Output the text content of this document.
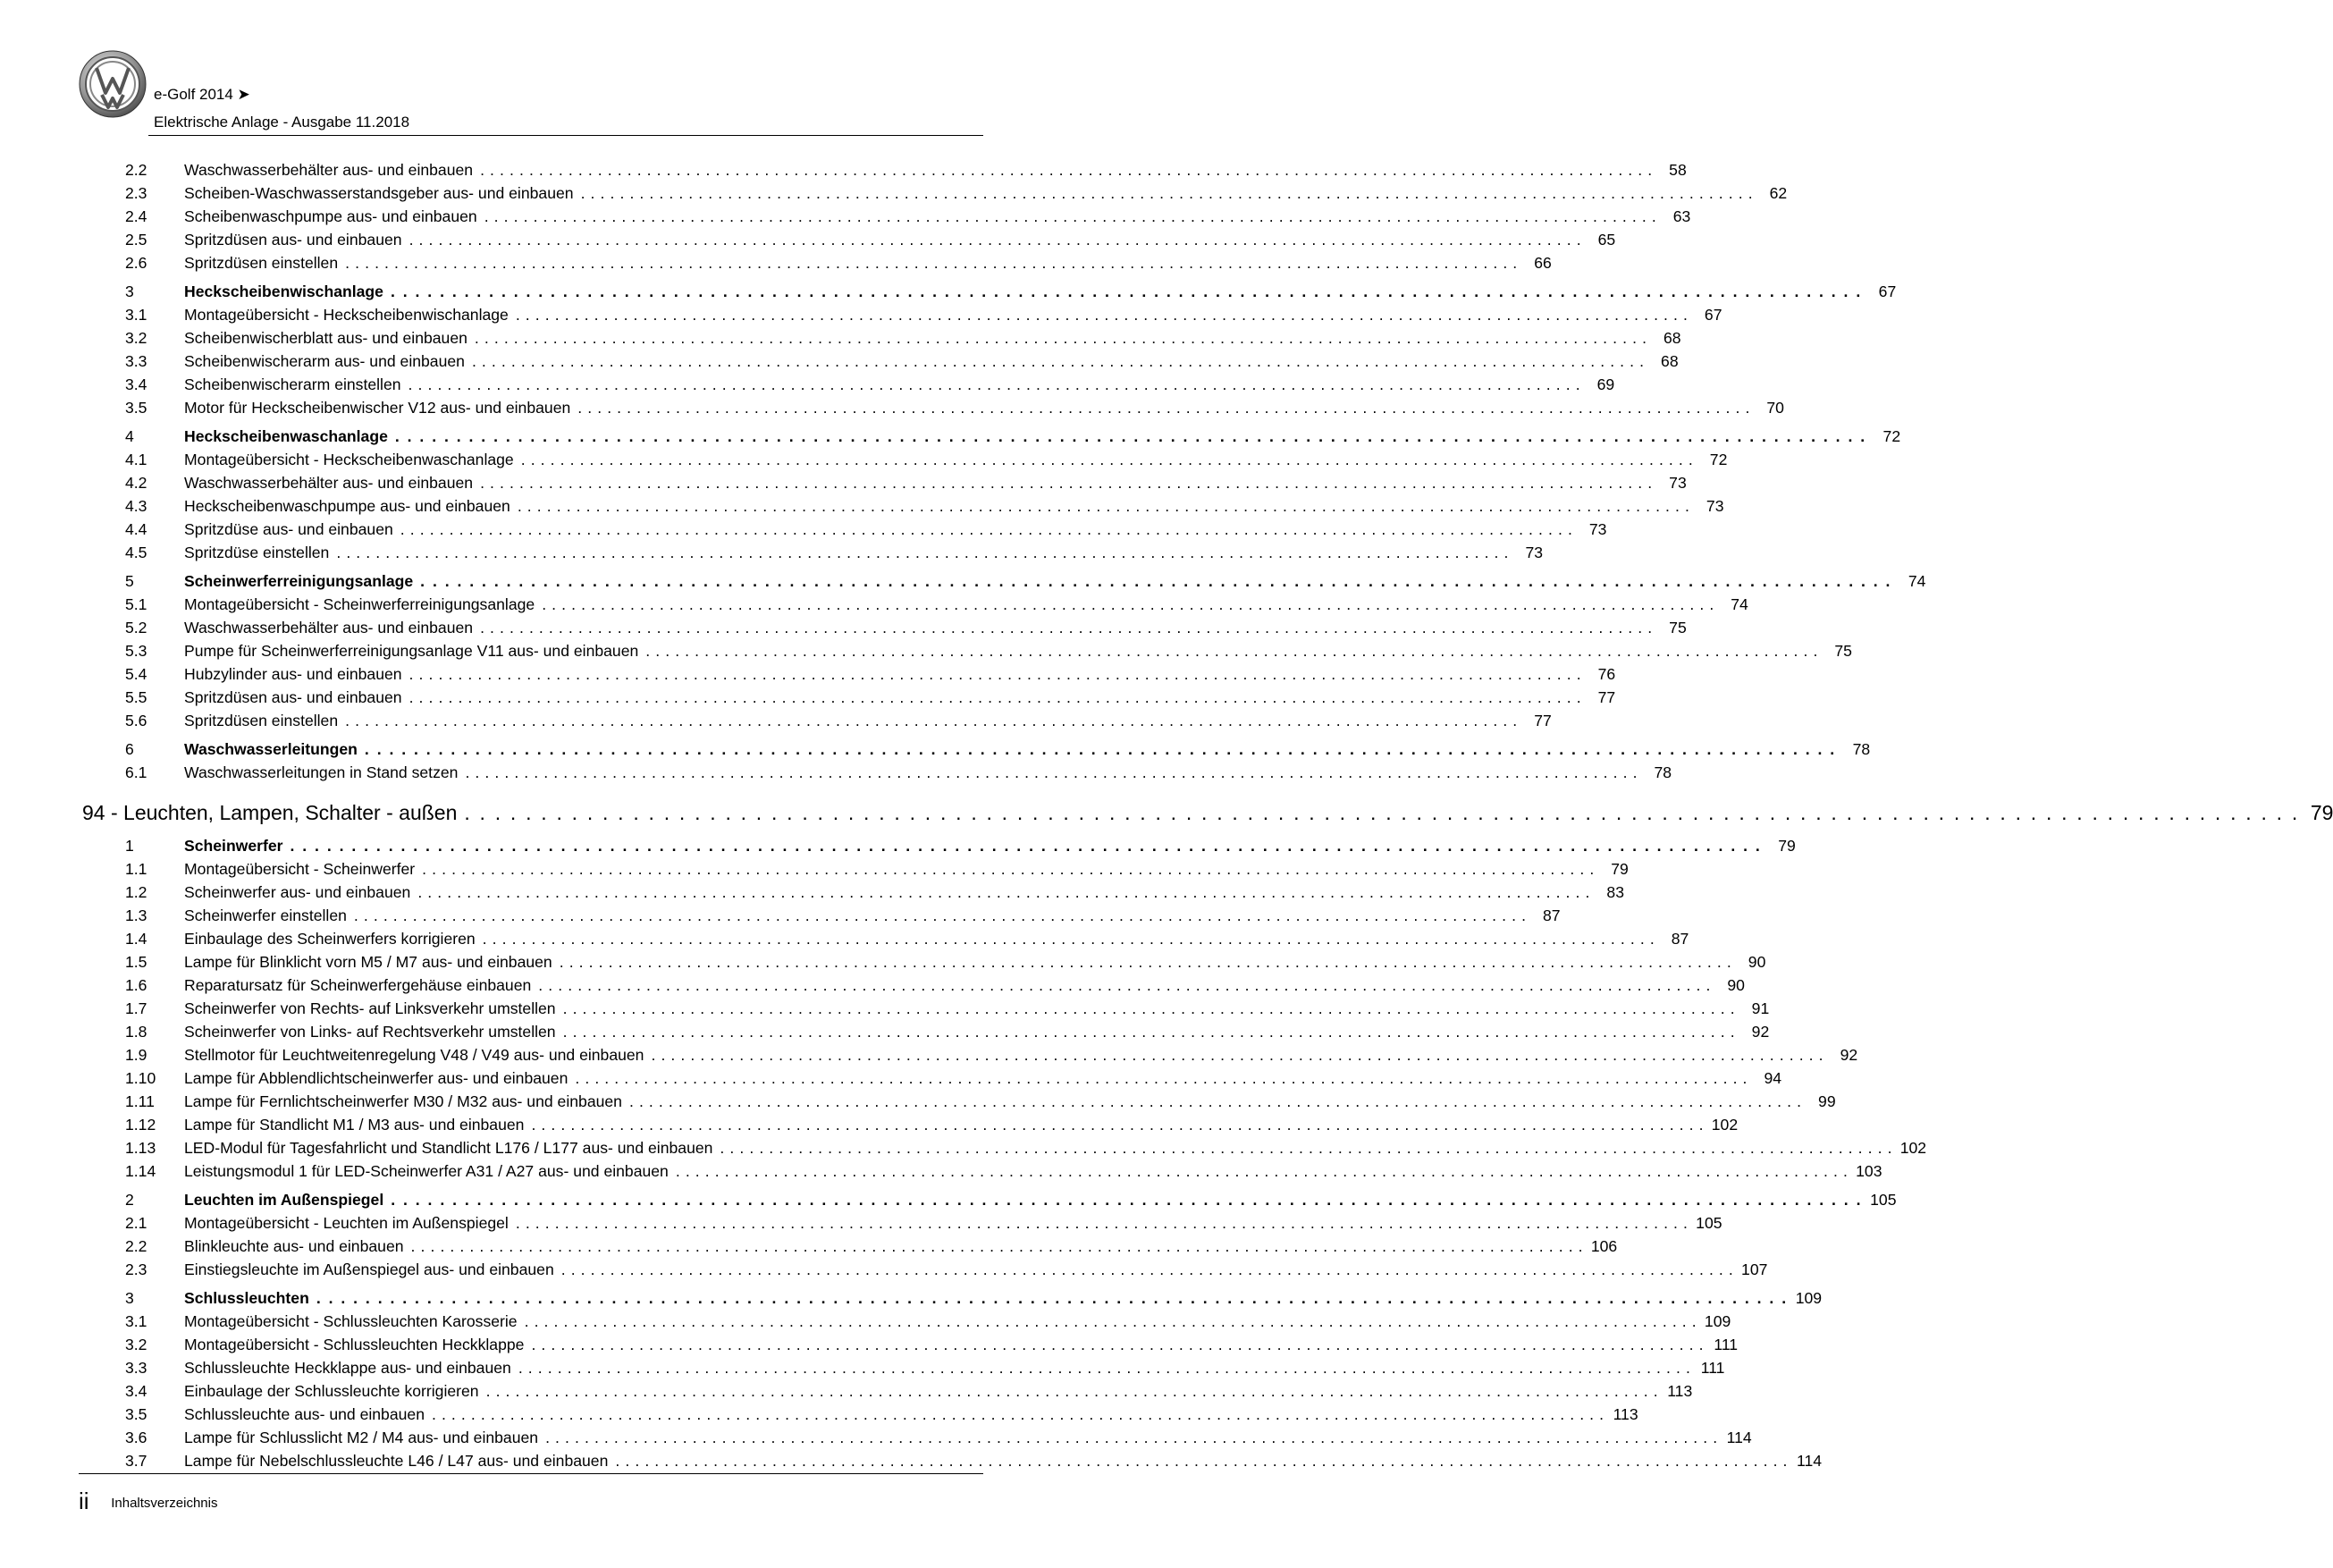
e-Golf 2014 ➤
Elektrische Anlage - Ausgabe 11.2018
2.2	Waschwasserbehälter aus- und einbauen . . . . . . . . . . . . . . . . . . . . . . . . . . . . . . . . . . . . . . . . . . . . . . . . . . . . . . . . . . . . . . . . . . . . . . . . . . . . . . . . . . . . . . . . . . . . . . . . . . . . . . . . . . . . . . . . . . . . . . . .	58
2.3	Scheiben-Waschwasserstandsgeber aus- und einbauen . . . . . . . . . . . . . . . . . . . . . . . . . . . . . . . . . . . . . . . . . . . . . . . . . . . . . . . . . . . . . . . . . . . . . . . . . . . . . . . . . . . . . . . . . . . . . . . . . . . . . . . . . . . . . . . . . . . . . . . .	62
2.4	Scheibenwaschpumpe aus- und einbauen . . . . . . . . . . . . . . . . . . . . . . . . . . . . . . . . . . . . . . . . . . . . . . . . . . . . . . . . . . . . . . . . . . . . . . . . . . . . . . . . . . . . . . . . . . . . . . . . . . . . . . . . . . . . . . . . . . . . . . . .	63
2.5	Spritzdüsen aus- und einbauen . . . . . . . . . . . . . . . . . . . . . . . . . . . . . . . . . . . . . . . . . . . . . . . . . . . . . . . . . . . . . . . . . . . . . . . . . . . . . . . . . . . . . . . . . . . . . . . . . . . . . . . . . . . . . . . . . . . . . . . .	65
2.6	Spritzdüsen einstellen . . . . . . . . . . . . . . . . . . . . . . . . . . . . . . . . . . . . . . . . . . . . . . . . . . . . . . . . . . . . . . . . . . . . . . . . . . . . . . . . . . . . . . . . . . . . . . . . . . . . . . . . . . . . . . . . . . . . . . . .	66
3	Heckscheibenwischanlage . . . . . . . . . . . . . . . . . . . . . . . . . . . . . . . . . . . . . . . . . . . . . . . . . . . . . . . . . . . . . . . . . . . . . . . . . . . . . . . . . . . . . . . . . . . . . . . . . . . . . . . . . . . . . . . . . . . . . . . .	67
3.1	Montageübersicht - Heckscheibenwischanlage . . . . . . . . . . . . . . . . . . . . . . . . . . . . . . . . . . . . . . . . . . . . . . . . . . . . . . . . . . . . . . . . . . . . . . . . . . . . . . . . . . . . . . . . . . . . . . . . . . . . . . . . . . . . . . . . . . . . . . . .	67
3.2	Scheibenwischerblatt aus- und einbauen . . . . . . . . . . . . . . . . . . . . . . . . . . . . . . . . . . . . . . . . . . . . . . . . . . . . . . . . . . . . . . . . . . . . . . . . . . . . . . . . . . . . . . . . . . . . . . . . . . . . . . . . . . . . . . . . . . . . . . . .	68
3.3	Scheibenwischerarm aus- und einbauen . . . . . . . . . . . . . . . . . . . . . . . . . . . . . . . . . . . . . . . . . . . . . . . . . . . . . . . . . . . . . . . . . . . . . . . . . . . . . . . . . . . . . . . . . . . . . . . . . . . . . . . . . . . . . . . . . . . . . . . .	68
3.4	Scheibenwischerarm einstellen . . . . . . . . . . . . . . . . . . . . . . . . . . . . . . . . . . . . . . . . . . . . . . . . . . . . . . . . . . . . . . . . . . . . . . . . . . . . . . . . . . . . . . . . . . . . . . . . . . . . . . . . . . . . . . . . . . . . . . . .	69
3.5	Motor für Heckscheibenwischer V12 aus- und einbauen . . . . . . . . . . . . . . . . . . . . . . . . . . . . . . . . . . . . . . . . . . . . . . . . . . . . . . . . . . . . . . . . . . . . . . . . . . . . . . . . . . . . . . . . . . . . . . . . . . . . . . . . . . . . . . . . . . . . . . . .	70
4	Heckscheibenwaschanlage . . . . . . . . . . . . . . . . . . . . . . . . . . . . . . . . . . . . . . . . . . . . . . . . . . . . . . . . . . . . . . . . . . . . . . . . . . . . . . . . . . . . . . . . . . . . . . . . . . . . . . . . . . . . . . . . . . . . . . . .	72
4.1	Montageübersicht - Heckscheibenwaschanlage . . . . . . . . . . . . . . . . . . . . . . . . . . . . . . . . . . . . . . . . . . . . . . . . . . . . . . . . . . . . . . . . . . . . . . . . . . . . . . . . . . . . . . . . . . . . . . . . . . . . . . . . . . . . . . . . . . . . . . . .	72
4.2	Waschwasserbehälter aus- und einbauen . . . . . . . . . . . . . . . . . . . . . . . . . . . . . . . . . . . . . . . . . . . . . . . . . . . . . . . . . . . . . . . . . . . . . . . . . . . . . . . . . . . . . . . . . . . . . . . . . . . . . . . . . . . . . . . . . . . . . . . .	73
4.3	Heckscheibenwaschpumpe aus- und einbauen . . . . . . . . . . . . . . . . . . . . . . . . . . . . . . . . . . . . . . . . . . . . . . . . . . . . . . . . . . . . . . . . . . . . . . . . . . . . . . . . . . . . . . . . . . . . . . . . . . . . . . . . . . . . . . . . . . . . . . . .	73
4.4	Spritzdüse aus- und einbauen . . . . . . . . . . . . . . . . . . . . . . . . . . . . . . . . . . . . . . . . . . . . . . . . . . . . . . . . . . . . . . . . . . . . . . . . . . . . . . . . . . . . . . . . . . . . . . . . . . . . . . . . . . . . . . . . . . . . . . . .	73
4.5	Spritzdüse einstellen . . . . . . . . . . . . . . . . . . . . . . . . . . . . . . . . . . . . . . . . . . . . . . . . . . . . . . . . . . . . . . . . . . . . . . . . . . . . . . . . . . . . . . . . . . . . . . . . . . . . . . . . . . . . . . . . . . . . . . . .	73
5	Scheinwerferreinigungsanlage . . . . . . . . . . . . . . . . . . . . . . . . . . . . . . . . . . . . . . . . . . . . . . . . . . . . . . . . . . . . . . . . . . . . . . . . . . . . . . . . . . . . . . . . . . . . . . . . . . . . . . . . . . . . . . . . . . . . . . . .	74
5.1	Montageübersicht - Scheinwerferreinigungsanlage . . . . . . . . . . . . . . . . . . . . . . . . . . . . . . . . . . . . . . . . . . . . . . . . . . . . . . . . . . . . . . . . . . . . . . . . . . . . . . . . . . . . . . . . . . . . . . . . . . . . . . . . . . . . . . . . . . . . . . . .	74
5.2	Waschwasserbehälter aus- und einbauen . . . . . . . . . . . . . . . . . . . . . . . . . . . . . . . . . . . . . . . . . . . . . . . . . . . . . . . . . . . . . . . . . . . . . . . . . . . . . . . . . . . . . . . . . . . . . . . . . . . . . . . . . . . . . . . . . . . . . . . .	75
5.3	Pumpe für Scheinwerferreinigungsanlage V11 aus- und einbauen . . . . . . . . . . . . . . . . . . . . . . . . . . . . . . . . . . . . . . . . . . . . . . . . . . . . . . . . . . . . . . . . . . . . . . . . . . . . . . . . . . . . . . . . . . . . . . . . . . . . . . . . . . . . . . . . . . . . . . . .	75
5.4	Hubzylinder aus- und einbauen . . . . . . . . . . . . . . . . . . . . . . . . . . . . . . . . . . . . . . . . . . . . . . . . . . . . . . . . . . . . . . . . . . . . . . . . . . . . . . . . . . . . . . . . . . . . . . . . . . . . . . . . . . . . . . . . . . . . . . . .	76
5.5	Spritzdüsen aus- und einbauen . . . . . . . . . . . . . . . . . . . . . . . . . . . . . . . . . . . . . . . . . . . . . . . . . . . . . . . . . . . . . . . . . . . . . . . . . . . . . . . . . . . . . . . . . . . . . . . . . . . . . . . . . . . . . . . . . . . . . . . .	77
5.6	Spritzdüsen einstellen . . . . . . . . . . . . . . . . . . . . . . . . . . . . . . . . . . . . . . . . . . . . . . . . . . . . . . . . . . . . . . . . . . . . . . . . . . . . . . . . . . . . . . . . . . . . . . . . . . . . . . . . . . . . . . . . . . . . . . . .	77
6	Waschwasserleitungen . . . . . . . . . . . . . . . . . . . . . . . . . . . . . . . . . . . . . . . . . . . . . . . . . . . . . . . . . . . . . . . . . . . . . . . . . . . . . . . . . . . . . . . . . . . . . . . . . . . . . . . . . . . . . . . . . . . . . . . .	78
6.1	Waschwasserleitungen in Stand setzen . . . . . . . . . . . . . . . . . . . . . . . . . . . . . . . . . . . . . . . . . . . . . . . . . . . . . . . . . . . . . . . . . . . . . . . . . . . . . . . . . . . . . . . . . . . . . . . . . . . . . . . . . . . . . . . . . . . . . . . .	78
94 - Leuchten, Lampen, Schalter - außen . . . . . . . . . . . . . . . . . . . . . . . . . . . . . . . . . . . . . . . . . . . . . . . . . . . . . . . . . . . . . . . . . . . . . . . . . . . . . . . . . . . . . . . . . . . . . . . . . . . . . . . . . . . . . . . . . . . . . . . . 79
1	Scheinwerfer . . . . . . . . . . . . . . . . . . . . . . . . . . . . . . . . . . . . . . . . . . . . . . . . . . . . . . . . . . . . . . . . . . . . . . . . . . . . . . . . . . . . . . . . . . . . . . . . . . . . . . . . . . . . . . . . . . . . . . . .	79
1.1	Montageübersicht - Scheinwerfer . . . . . . . . . . . . . . . . . . . . . . . . . . . . . . . . . . . . . . . . . . . . . . . . . . . . . . . . . . . . . . . . . . . . . . . . . . . . . . . . . . . . . . . . . . . . . . . . . . . . . . . . . . . . . . . . . . . . . . . .	79
1.2	Scheinwerfer aus- und einbauen . . . . . . . . . . . . . . . . . . . . . . . . . . . . . . . . . . . . . . . . . . . . . . . . . . . . . . . . . . . . . . . . . . . . . . . . . . . . . . . . . . . . . . . . . . . . . . . . . . . . . . . . . . . . . . . . . . . . . . . .	83
1.3	Scheinwerfer einstellen . . . . . . . . . . . . . . . . . . . . . . . . . . . . . . . . . . . . . . . . . . . . . . . . . . . . . . . . . . . . . . . . . . . . . . . . . . . . . . . . . . . . . . . . . . . . . . . . . . . . . . . . . . . . . . . . . . . . . . . .	87
1.4	Einbaulage des Scheinwerfers korrigieren . . . . . . . . . . . . . . . . . . . . . . . . . . . . . . . . . . . . . . . . . . . . . . . . . . . . . . . . . . . . . . . . . . . . . . . . . . . . . . . . . . . . . . . . . . . . . . . . . . . . . . . . . . . . . . . . . . . . . . . .	87
1.5	Lampe für Blinklicht vorn M5 / M7 aus- und einbauen . . . . . . . . . . . . . . . . . . . . . . . . . . . . . . . . . . . . . . . . . . . . . . . . . . . . . . . . . . . . . . . . . . . . . . . . . . . . . . . . . . . . . . . . . . . . . . . . . . . . . . . . . . . . . . . . . . . . . . . .	90
1.6	Reparatursatz für Scheinwerfergehäuse einbauen . . . . . . . . . . . . . . . . . . . . . . . . . . . . . . . . . . . . . . . . . . . . . . . . . . . . . . . . . . . . . . . . . . . . . . . . . . . . . . . . . . . . . . . . . . . . . . . . . . . . . . . . . . . . . . . . . . . . . . . .	90
1.7	Scheinwerfer von Rechts- auf Linksverkehr umstellen . . . . . . . . . . . . . . . . . . . . . . . . . . . . . . . . . . . . . . . . . . . . . . . . . . . . . . . . . . . . . . . . . . . . . . . . . . . . . . . . . . . . . . . . . . . . . . . . . . . . . . . . . . . . . . . . . . . . . . . .	91
1.8	Scheinwerfer von Links- auf Rechtsverkehr umstellen . . . . . . . . . . . . . . . . . . . . . . . . . . . . . . . . . . . . . . . . . . . . . . . . . . . . . . . . . . . . . . . . . . . . . . . . . . . . . . . . . . . . . . . . . . . . . . . . . . . . . . . . . . . . . . . . . . . . . . . .	92
1.9	Stellmotor für Leuchtweitenregelung V48 / V49 aus- und einbauen . . . . . . . . . . . . . . . . . . . . . . . . . . . . . . . . . . . . . . . . . . . . . . . . . . . . . . . . . . . . . . . . . . . . . . . . . . . . . . . . . . . . . . . . . . . . . . . . . . . . . . . . . . . . . . . . . . . . . . . .	92
1.10	Lampe für Abblendlichtscheinwerfer aus- und einbauen . . . . . . . . . . . . . . . . . . . . . . . . . . . . . . . . . . . . . . . . . . . . . . . . . . . . . . . . . . . . . . . . . . . . . . . . . . . . . . . . . . . . . . . . . . . . . . . . . . . . . . . . . . . . . . . . . . . . . . . .	94
1.11	Lampe für Fernlichtscheinwerfer M30 / M32 aus- und einbauen . . . . . . . . . . . . . . . . . . . . . . . . . . . . . . . . . . . . . . . . . . . . . . . . . . . . . . . . . . . . . . . . . . . . . . . . . . . . . . . . . . . . . . . . . . . . . . . . . . . . . . . . . . . . . . . . . . . . . . . .	99
1.12	Lampe für Standlicht M1 / M3 aus- und einbauen . . . . . . . . . . . . . . . . . . . . . . . . . . . . . . . . . . . . . . . . . . . . . . . . . . . . . . . . . . . . . . . . . . . . . . . . . . . . . . . . . . . . . . . . . . . . . . . . . . . . . . . . . . . . . . . . . . . . . . . . 102
1.13	LED-Modul für Tagesfahrlicht und Standlicht L176 / L177 aus- und einbauen . . . . . . . . . . . . . . . . . . . . . . . . . . . . . . . . . . . . . . . . . . . . . . . . . . . . . . . . . . . . . . . . . . . . . . . . . . . . . . . . . . . . . . . . . . . . . . . . . . . . . . . . . . . . . . . . . . . . . . . . 102
1.14	Leistungsmodul 1 für LED-Scheinwerfer A31 / A27 aus- und einbauen . . . . . . . . . . . . . . . . . . . . . . . . . . . . . . . . . . . . . . . . . . . . . . . . . . . . . . . . . . . . . . . . . . . . . . . . . . . . . . . . . . . . . . . . . . . . . . . . . . . . . . . . . . . . . . . . . . . . . . . . 103
2	Leuchten im Außenspiegel . . . . . . . . . . . . . . . . . . . . . . . . . . . . . . . . . . . . . . . . . . . . . . . . . . . . . . . . . . . . . . . . . . . . . . . . . . . . . . . . . . . . . . . . . . . . . . . . . . . . . . . . . . . . . . . . . . . . . . . . 105
2.1	Montageübersicht - Leuchten im Außenspiegel . . . . . . . . . . . . . . . . . . . . . . . . . . . . . . . . . . . . . . . . . . . . . . . . . . . . . . . . . . . . . . . . . . . . . . . . . . . . . . . . . . . . . . . . . . . . . . . . . . . . . . . . . . . . . . . . . . . . . . . . 105
2.2	Blinkleuchte aus- und einbauen . . . . . . . . . . . . . . . . . . . . . . . . . . . . . . . . . . . . . . . . . . . . . . . . . . . . . . . . . . . . . . . . . . . . . . . . . . . . . . . . . . . . . . . . . . . . . . . . . . . . . . . . . . . . . . . . . . . . . . . . 106
2.3	Einstiegsleuchte im Außenspiegel aus- und einbauen . . . . . . . . . . . . . . . . . . . . . . . . . . . . . . . . . . . . . . . . . . . . . . . . . . . . . . . . . . . . . . . . . . . . . . . . . . . . . . . . . . . . . . . . . . . . . . . . . . . . . . . . . . . . . . . . . . . . . . . . 107
3	Schlussleuchten . . . . . . . . . . . . . . . . . . . . . . . . . . . . . . . . . . . . . . . . . . . . . . . . . . . . . . . . . . . . . . . . . . . . . . . . . . . . . . . . . . . . . . . . . . . . . . . . . . . . . . . . . . . . . . . . . . . . . . . . 109
3.1	Montageübersicht - Schlussleuchten Karosserie . . . . . . . . . . . . . . . . . . . . . . . . . . . . . . . . . . . . . . . . . . . . . . . . . . . . . . . . . . . . . . . . . . . . . . . . . . . . . . . . . . . . . . . . . . . . . . . . . . . . . . . . . . . . . . . . . . . . . . . . 109
3.2	Montageübersicht - Schlussleuchten Heckklappe . . . . . . . . . . . . . . . . . . . . . . . . . . . . . . . . . . . . . . . . . . . . . . . . . . . . . . . . . . . . . . . . . . . . . . . . . . . . . . . . . . . . . . . . . . . . . . . . . . . . . . . . . . . . . . . . . . . . . . . . 111
3.3	Schlussleuchte Heckklappe aus- und einbauen . . . . . . . . . . . . . . . . . . . . . . . . . . . . . . . . . . . . . . . . . . . . . . . . . . . . . . . . . . . . . . . . . . . . . . . . . . . . . . . . . . . . . . . . . . . . . . . . . . . . . . . . . . . . . . . . . . . . . . . . 111
3.4	Einbaulage der Schlussleuchte korrigieren . . . . . . . . . . . . . . . . . . . . . . . . . . . . . . . . . . . . . . . . . . . . . . . . . . . . . . . . . . . . . . . . . . . . . . . . . . . . . . . . . . . . . . . . . . . . . . . . . . . . . . . . . . . . . . . . . . . . . . . . 113
3.5	Schlussleuchte aus- und einbauen . . . . . . . . . . . . . . . . . . . . . . . . . . . . . . . . . . . . . . . . . . . . . . . . . . . . . . . . . . . . . . . . . . . . . . . . . . . . . . . . . . . . . . . . . . . . . . . . . . . . . . . . . . . . . . . . . . . . . . . . 113
3.6	Lampe für Schlusslicht M2 / M4 aus- und einbauen . . . . . . . . . . . . . . . . . . . . . . . . . . . . . . . . . . . . . . . . . . . . . . . . . . . . . . . . . . . . . . . . . . . . . . . . . . . . . . . . . . . . . . . . . . . . . . . . . . . . . . . . . . . . . . . . . . . . . . . . 114
3.7	Lampe für Nebelschlussleuchte L46 / L47 aus- und einbauen . . . . . . . . . . . . . . . . . . . . . . . . . . . . . . . . . . . . . . . . . . . . . . . . . . . . . . . . . . . . . . . . . . . . . . . . . . . . . . . . . . . . . . . . . . . . . . . . . . . . . . . . . . . . . . . . . . . . . . . . 114
ii Inhaltsverzeichnis
